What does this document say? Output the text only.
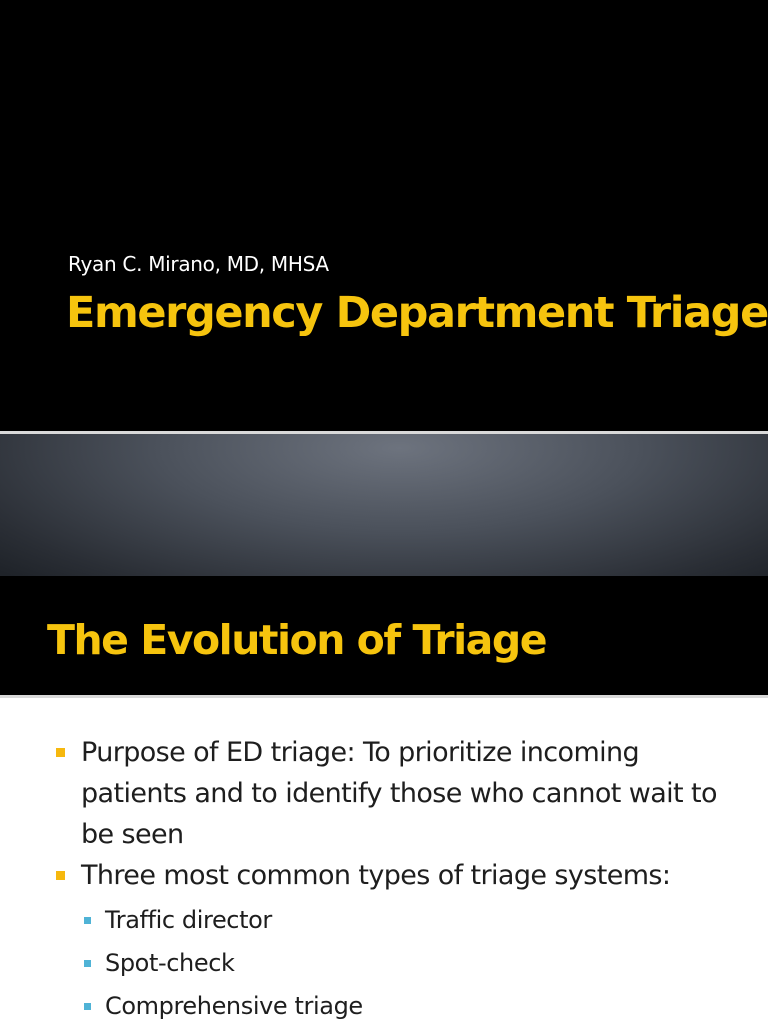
Ryan C. Mirano, MD, MHSA
Emergency Department Triage
The Evolution of Triage
Purpose of ED triage: To prioritize incoming patients and to identify those who cannot wait to be seen
Three most common types of triage systems:
Traffic director
Spot-check
Comprehensive triage
